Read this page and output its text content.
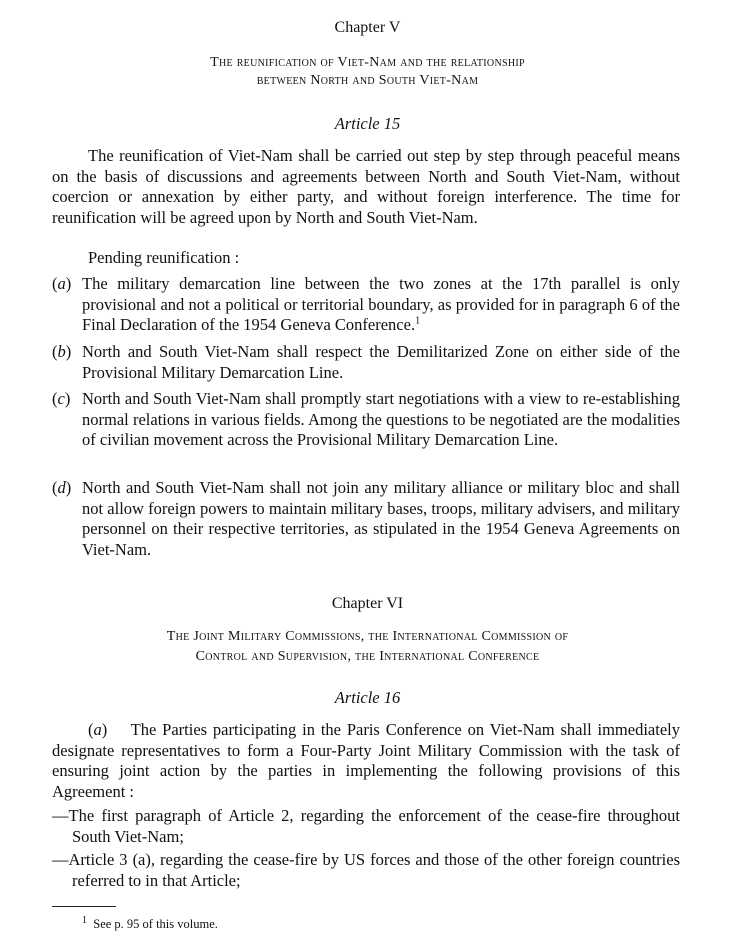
Chapter V
The reunification of Viet-Nam and the relationship
between North and South Viet-Nam
Article 15
The reunification of Viet-Nam shall be carried out step by step through peaceful means on the basis of discussions and agreements between North and South Viet-Nam, without coercion or annexation by either party, and without foreign interference. The time for reunification will be agreed upon by North and South Viet-Nam.
Pending reunification :
(a) The military demarcation line between the two zones at the 17th parallel is only provisional and not a political or territorial boundary, as provided for in paragraph 6 of the Final Declaration of the 1954 Geneva Conference.$^1$
(b) North and South Viet-Nam shall respect the Demilitarized Zone on either side of the Provisional Military Demarcation Line.
(c) North and South Viet-Nam shall promptly start negotiations with a view to re-establishing normal relations in various fields. Among the questions to be negotiated are the modalities of civilian movement across the Provisional Military Demarcation Line.
(d) North and South Viet-Nam shall not join any military alliance or military bloc and shall not allow foreign powers to maintain military bases, troops, military advisers, and military personnel on their respective territories, as stipulated in the 1954 Geneva Agreements on Viet-Nam.
Chapter VI
The Joint Military Commissions, the International Commission of
Control and Supervision, the International Conference
Article 16
(a)    The Parties participating in the Paris Conference on Viet-Nam shall immediately designate representatives to form a Four-Party Joint Military Commission with the task of ensuring joint action by the parties in implementing the following provisions of this Agreement :
—The first paragraph of Article 2, regarding the enforcement of the cease-fire throughout South Viet-Nam;
—Article 3 (a), regarding the cease-fire by US forces and those of the other foreign countries referred to in that Article;
$^1$ See p. 95 of this volume.
